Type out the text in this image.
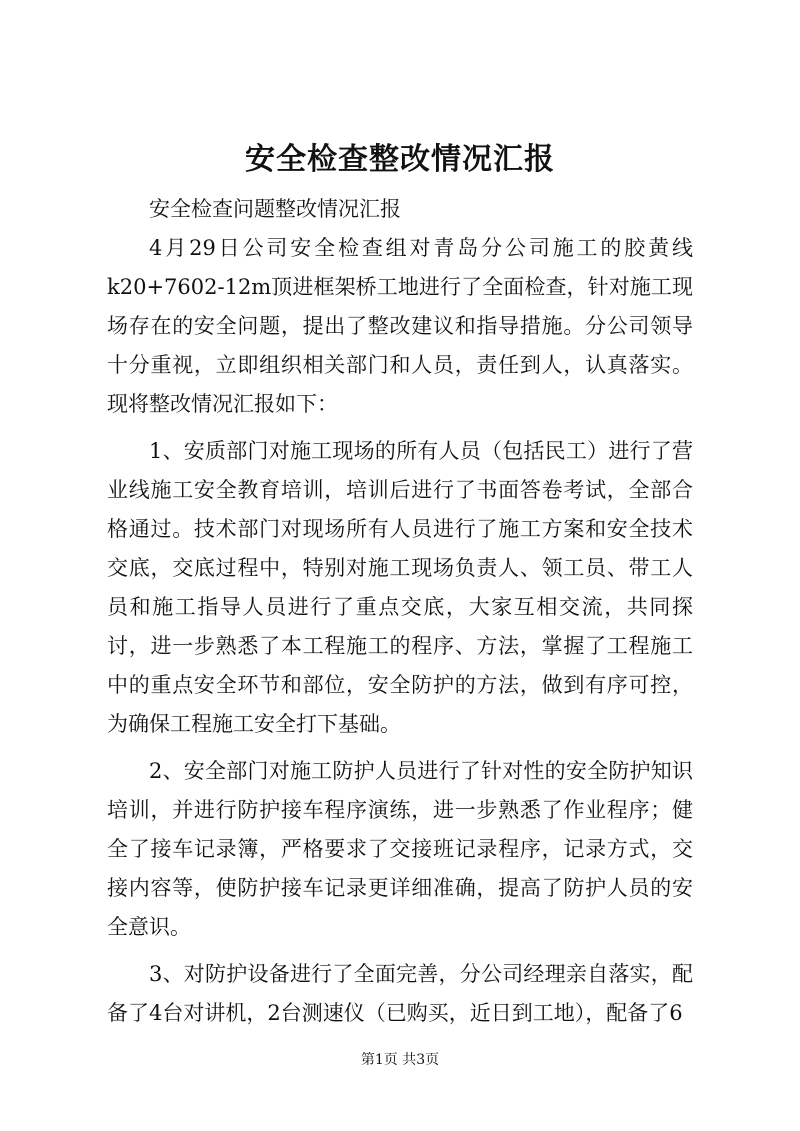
安全检查整改情况汇报

安全检查问题整改情况汇报

4月29日公司安全检查组对青岛分公司施工的胶黄线k20+7602-12m顶进框架桥工地进行了全面检查，针对施工现场存在的安全问题，提出了整改建议和指导措施。分公司领导十分重视，立即组织相关部门和人员，责任到人，认真落实。现将整改情况汇报如下：

1、安质部门对施工现场的所有人员（包括民工）进行了营业线施工安全教育培训，培训后进行了书面答卷考试，全部合格通过。技术部门对现场所有人员进行了施工方案和安全技术交底，交底过程中，特别对施工现场负责人、领工员、带工人员和施工指导人员进行了重点交底，大家互相交流，共同探讨，进一步熟悉了本工程施工的程序、方法，掌握了工程施工中的重点安全环节和部位，安全防护的方法，做到有序可控，为确保工程施工安全打下基础。

2、安全部门对施工防护人员进行了针对性的安全防护知识培训，并进行防护接车程序演练，进一步熟悉了作业程序；健全了接车记录簿，严格要求了交接班记录程序，记录方式，交接内容等，使防护接车记录更详细准确，提高了防护人员的安全意识。

3、对防护设备进行了全面完善，分公司经理亲自落实，配备了4台对讲机，2台测速仪（已购买，近日到工地），配备了6

第1页 共3页
